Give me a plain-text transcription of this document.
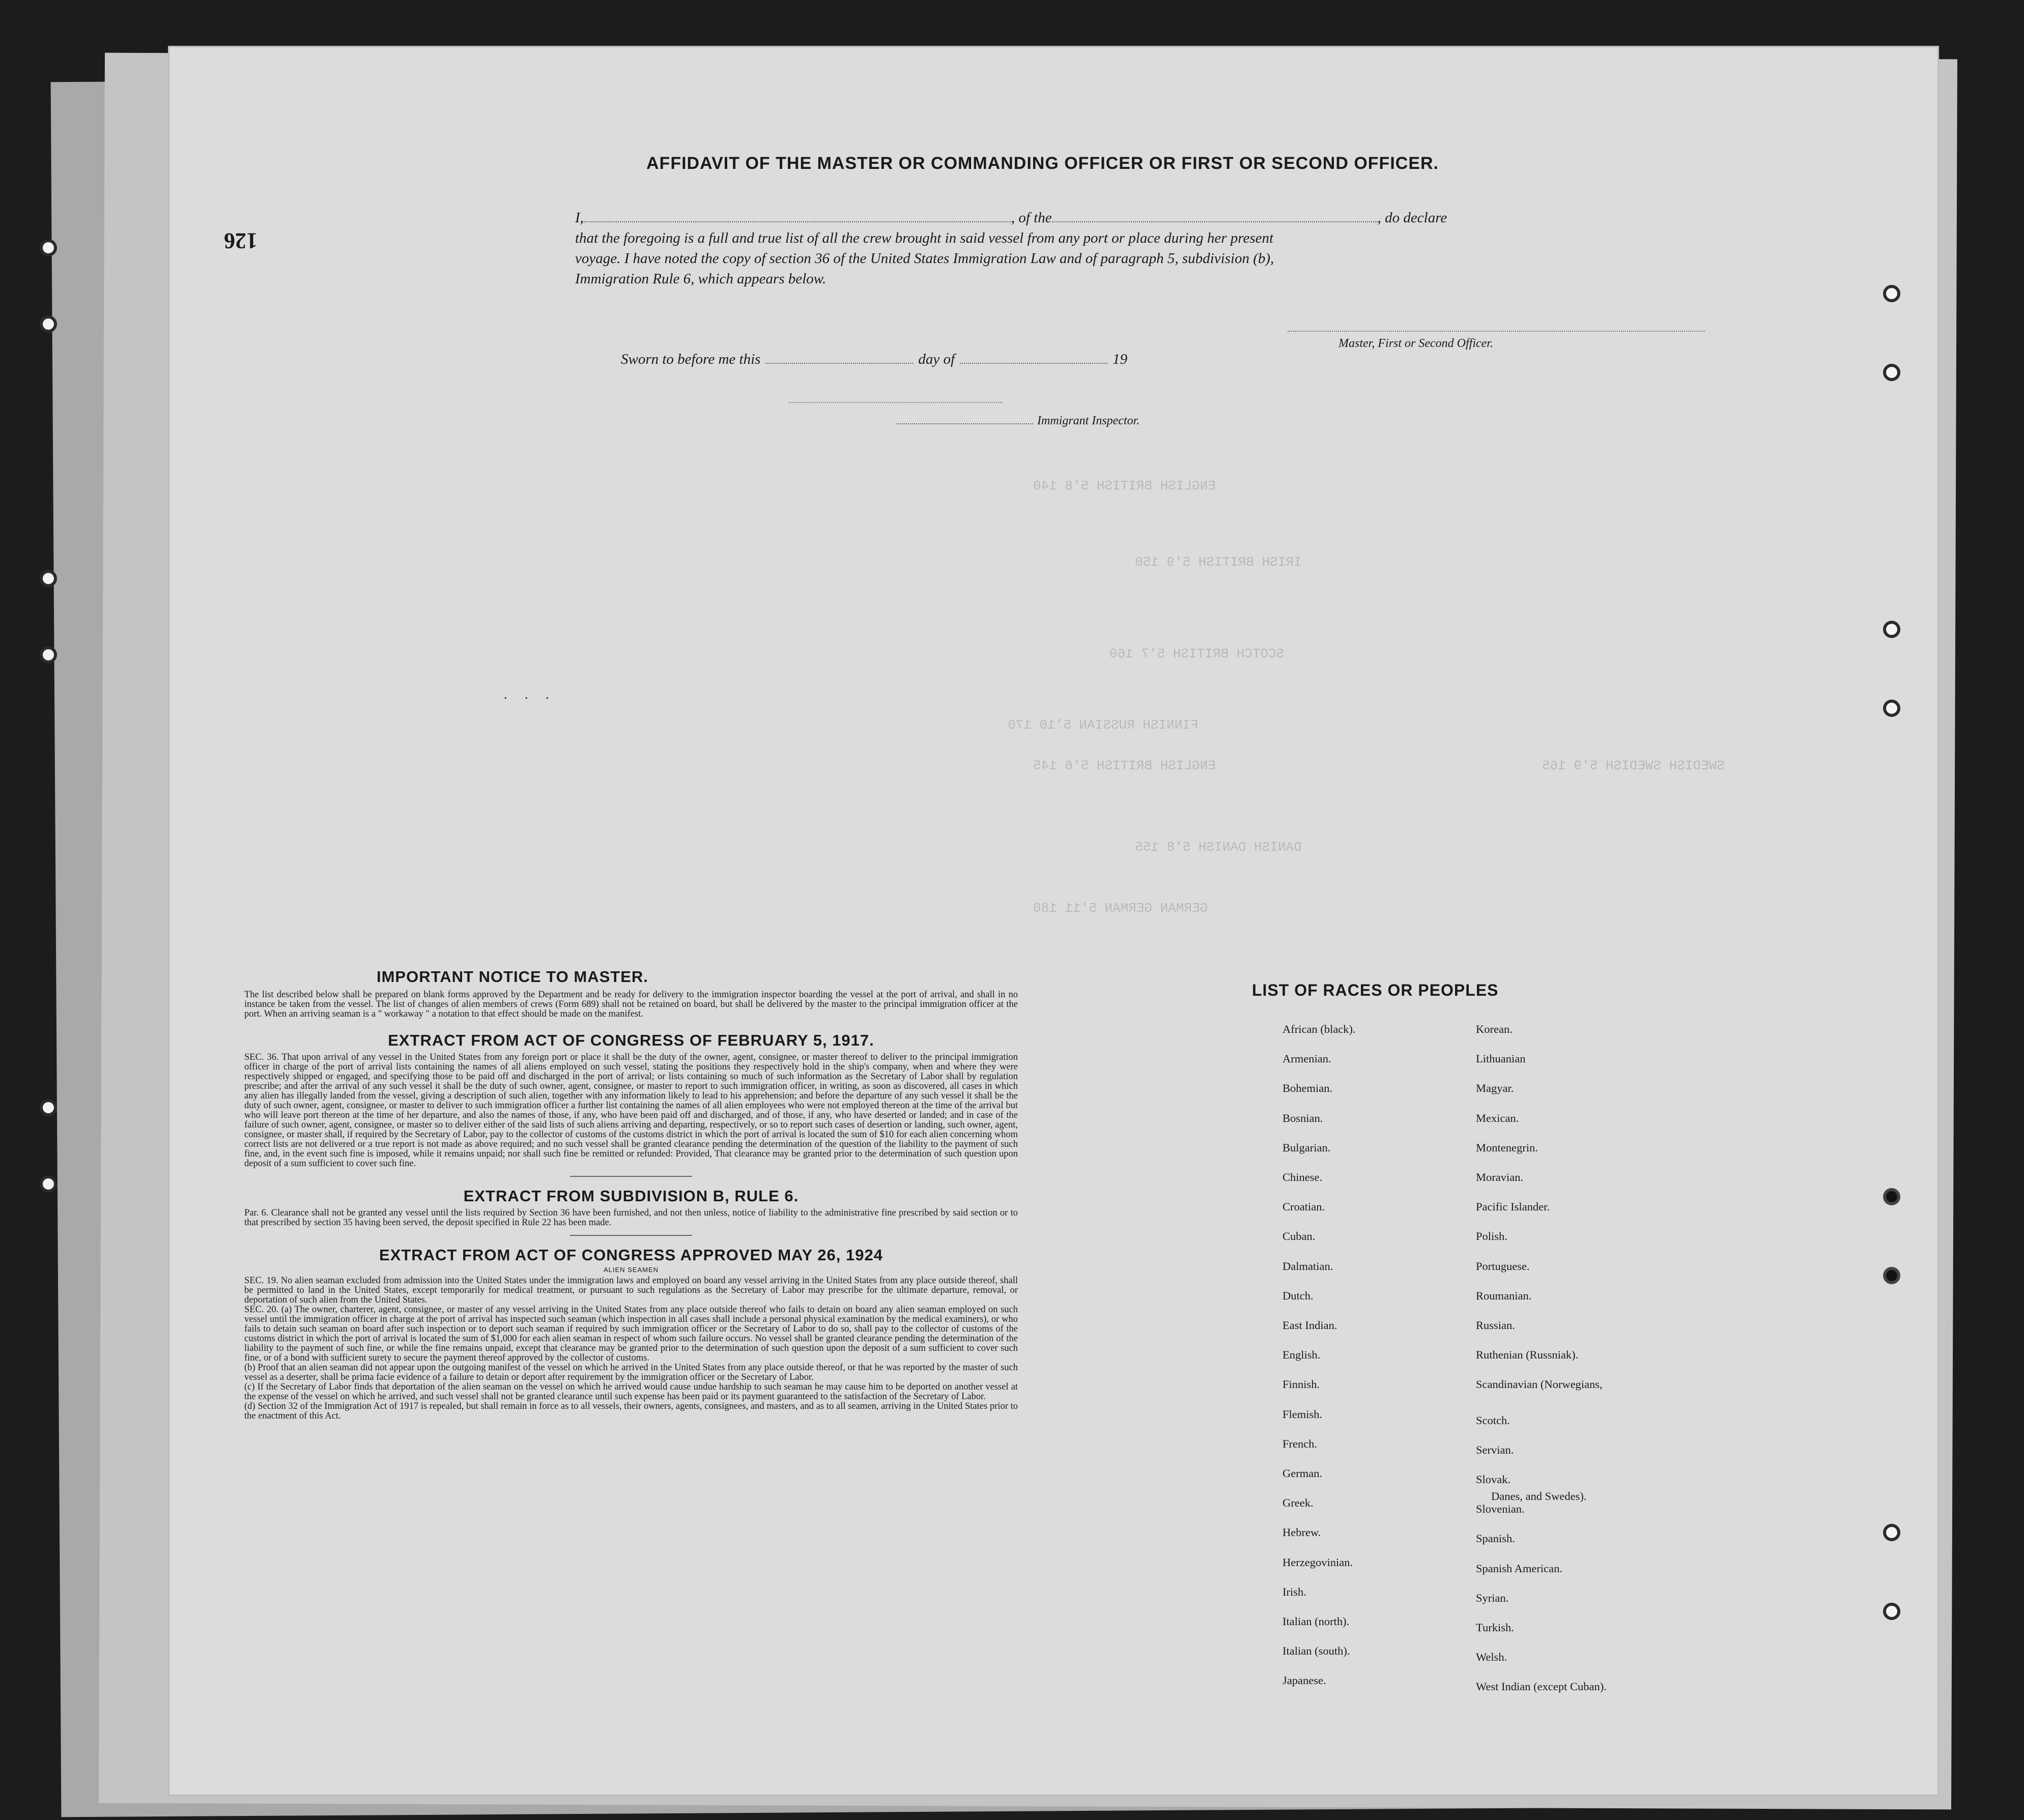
ENGLISH BRITISH 5'8 140
IRISH BRITISH 5'9 150
SCOTCH BRITISH 5'7 160
FINNISH RUSSIAN 5'10 170
ENGLISH BRITISH 5'6 145
DANISH DANISH 5'8 155
GERMAN GERMAN 5'11 180
SWEDISH SWEDISH 5'9 165
AFFIDAVIT OF THE MASTER OR COMMANDING OFFICER OR FIRST OR SECOND OFFICER.
126
I,	, of the	, do declare
that the foregoing is a full and true list of all the crew brought in said vessel from any port or place during her present
voyage. I have noted the copy of section 36 of the United States Immigration Law and of paragraph 5, subdivision (b),
Immigration Rule 6, which appears below.
Master, First or Second Officer.
Sworn to before me this	day of	19
Immigrant Inspector.
. . .
IMPORTANT NOTICE TO MASTER.
The list described below shall be prepared on blank forms approved by the Department and be ready for delivery to the immigration inspector boarding the vessel at the port of arrival, and shall in no instance be taken from the vessel. The list of changes of alien members of crews (Form 689) shall not be retained on board, but shall be delivered by the master to the principal immigration officer at the port. When an arriving seaman is a " workaway " a notation to that effect should be made on the manifest.
EXTRACT FROM ACT OF CONGRESS OF FEBRUARY 5, 1917.
SEC. 36. That upon arrival of any vessel in the United States from any foreign port or place it shall be the duty of the owner, agent, consignee, or master thereof to deliver to the principal immigration officer in charge of the port of arrival lists containing the names of all aliens employed on such vessel, stating the positions they respectively hold in the ship's company, when and where they were respectively shipped or engaged, and specifying those to be paid off and discharged in the port of arrival; or lists containing so much of such information as the Secretary of Labor shall by regulation prescribe; and after the arrival of any such vessel it shall be the duty of such owner, agent, consignee, or master to report to such immigration officer, in writing, as soon as discovered, all cases in which any alien has illegally landed from the vessel, giving a description of such alien, together with any information likely to lead to his apprehension; and before the departure of any such vessel it shall be the duty of such owner, agent, consignee, or master to deliver to such immigration officer a further list containing the names of all alien employees who were not employed thereon at the time of the arrival but who will leave port thereon at the time of her departure, and also the names of those, if any, who have been paid off and discharged, and of those, if any, who have deserted or landed; and in case of the failure of such owner, agent, consignee, or master so to deliver either of the said lists of such aliens arriving and departing, respectively, or so to report such cases of desertion or landing, such owner, agent, consignee, or master shall, if required by the Secretary of Labor, pay to the collector of customs of the customs district in which the port of arrival is located the sum of $10 for each alien concerning whom correct lists are not delivered or a true report is not made as above required; and no such vessel shall be granted clearance pending the determination of the question of the liability to the payment of such fine, and, in the event such fine is imposed, while it remains unpaid; nor shall such fine be remitted or refunded: Provided, That clearance may be granted prior to the determination of such question upon deposit of a sum sufficient to cover such fine.
EXTRACT FROM SUBDIVISION B, RULE 6.
Par. 6. Clearance shall not be granted any vessel until the lists required by Section 36 have been furnished, and not then unless, notice of liability to the administrative fine prescribed by said section or to that prescribed by section 35 having been served, the deposit specified in Rule 22 has been made.
EXTRACT FROM ACT OF CONGRESS APPROVED MAY 26, 1924
ALIEN SEAMEN
SEC. 19. No alien seaman excluded from admission into the United States under the immigration laws and employed on board any vessel arriving in the United States from any place outside thereof, shall be permitted to land in the United States, except temporarily for medical treatment, or pursuant to such regulations as the Secretary of Labor may prescribe for the ultimate departure, removal, or deportation of such alien from the United States.
SEC. 20. (a) The owner, charterer, agent, consignee, or master of any vessel arriving in the United States from any place outside thereof who fails to detain on board any alien seaman employed on such vessel until the immigration officer in charge at the port of arrival has inspected such seaman (which inspection in all cases shall include a personal physical examination by the medical examiners), or who fails to detain such seaman on board after such inspection or to deport such seaman if required by such immigration officer or the Secretary of Labor to do so, shall pay to the collector of customs of the customs district in which the port of arrival is located the sum of $1,000 for each alien seaman in respect of whom such failure occurs. No vessel shall be granted clearance pending the determination of the liability to the payment of such fine, or while the fine remains unpaid, except that clearance may be granted prior to the determination of such question upon the deposit of a sum sufficient to cover such fine, or of a bond with sufficient surety to secure the payment thereof approved by the collector of customs.
(b) Proof that an alien seaman did not appear upon the outgoing manifest of the vessel on which he arrived in the United States from any place outside thereof, or that he was reported by the master of such vessel as a deserter, shall be prima facie evidence of a failure to detain or deport after requirement by the immigration officer or the Secretary of Labor.
(c) If the Secretary of Labor finds that deportation of the alien seaman on the vessel on which he arrived would cause undue hardship to such seaman he may cause him to be deported on another vessel at the expense of the vessel on which he arrived, and such vessel shall not be granted clearance until such expense has been paid or its payment guaranteed to the satisfaction of the Secretary of Labor.
(d) Section 32 of the Immigration Act of 1917 is repealed, but shall remain in force as to all vessels, their owners, agents, consignees, and masters, and as to all seamen, arriving in the United States prior to the enactment of this Act.
LIST OF RACES OR PEOPLES
African (black).
Armenian.
Bohemian.
Bosnian.
Bulgarian.
Chinese.
Croatian.
Cuban.
Dalmatian.
Dutch.
East Indian.
English.
Finnish.
Flemish.
French.
German.
Greek.
Hebrew.
Herzegovinian.
Irish.
Italian (north).
Italian (south).
Japanese.
Korean.
Lithuanian
Magyar.
Mexican.
Montenegrin.
Moravian.
Pacific Islander.
Polish.
Portuguese.
Roumanian.
Russian.
Ruthenian (Russniak).
Scandinavian (Norwegians,
Scotch.
Servian.
Slovak.
Slovenian.
Spanish.
Spanish American.
Syrian.
Turkish.
Welsh.
West Indian (except Cuban).
Danes, and Swedes).
